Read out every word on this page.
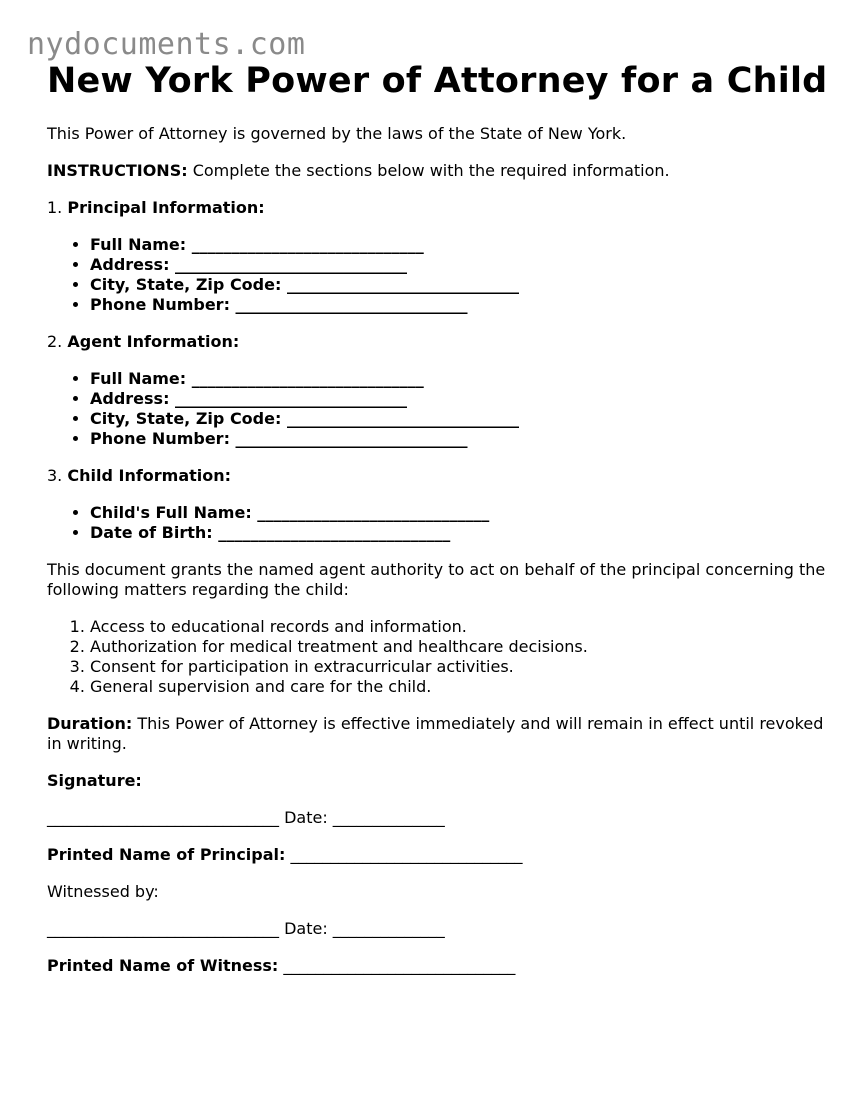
nydocuments.com
New York Power of Attorney for a Child

This Power of Attorney is governed by the laws of the State of New York.

INSTRUCTIONS: Complete the sections below with the required information.

1. Principal Information:

• Full Name: _____________________________
• Address: _____________________________
• City, State, Zip Code: _____________________________
• Phone Number: _____________________________

2. Agent Information:

• Full Name: _____________________________
• Address: _____________________________
• City, State, Zip Code: _____________________________
• Phone Number: _____________________________

3. Child Information:

• Child's Full Name: _____________________________
• Date of Birth: _____________________________

This document grants the named agent authority to act on behalf of the principal concerning the following matters regarding the child:

1. Access to educational records and information.
2. Authorization for medical treatment and healthcare decisions.
3. Consent for participation in extracurricular activities.
4. General supervision and care for the child.

Duration: This Power of Attorney is effective immediately and will remain in effect until revoked in writing.

Signature:

_____________________________ Date: ______________

Printed Name of Principal: _____________________________

Witnessed by:

_____________________________ Date: ______________

Printed Name of Witness: _____________________________
